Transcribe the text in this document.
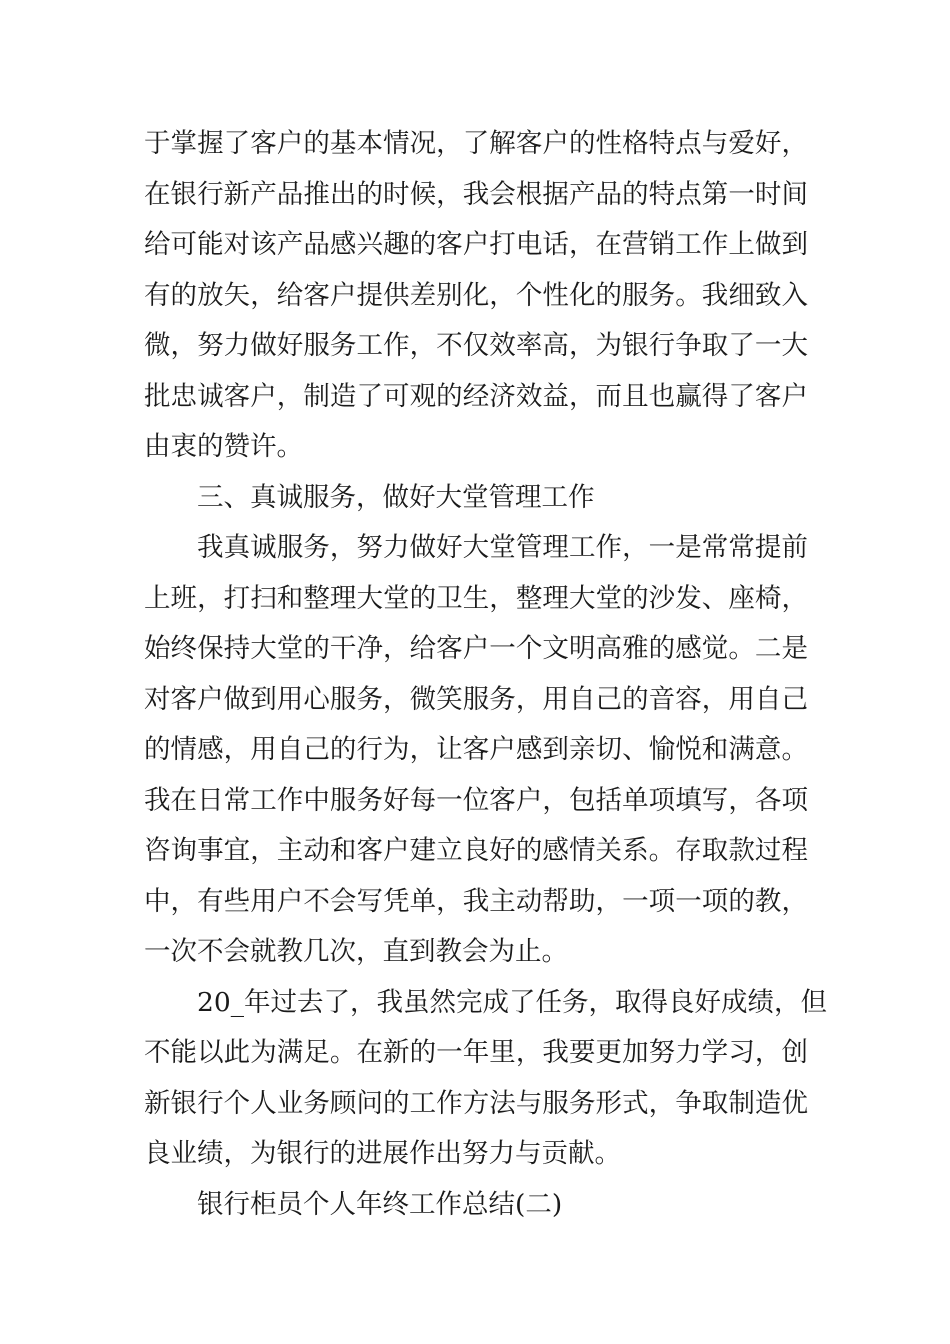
于掌握了客户的基本情况，了解客户的性格特点与爱好，
在银行新产品推出的时候，我会根据产品的特点第一时间
给可能对该产品感兴趣的客户打电话，在营销工作上做到
有的放矢，给客户提供差别化，个性化的服务。我细致入
微，努力做好服务工作，不仅效率高，为银行争取了一大
批忠诚客户，制造了可观的经济效益，而且也赢得了客户
由衷的赞许。
三、真诚服务，做好大堂管理工作
我真诚服务，努力做好大堂管理工作，一是常常提前
上班，打扫和整理大堂的卫生，整理大堂的沙发、座椅，
始终保持大堂的干净，给客户一个文明高雅的感觉。二是
对客户做到用心服务，微笑服务，用自己的音容，用自己
的情感，用自己的行为，让客户感到亲切、愉悦和满意。
我在日常工作中服务好每一位客户，包括单项填写，各项
咨询事宜，主动和客户建立良好的感情关系。存取款过程
中，有些用户不会写凭单，我主动帮助，一项一项的教，
一次不会就教几次，直到教会为止。
20_年过去了，我虽然完成了任务，取得良好成绩，但
不能以此为满足。在新的一年里，我要更加努力学习，创
新银行个人业务顾问的工作方法与服务形式，争取制造优
良业绩，为银行的进展作出努力与贡献。
银行柜员个人年终工作总结(二)
